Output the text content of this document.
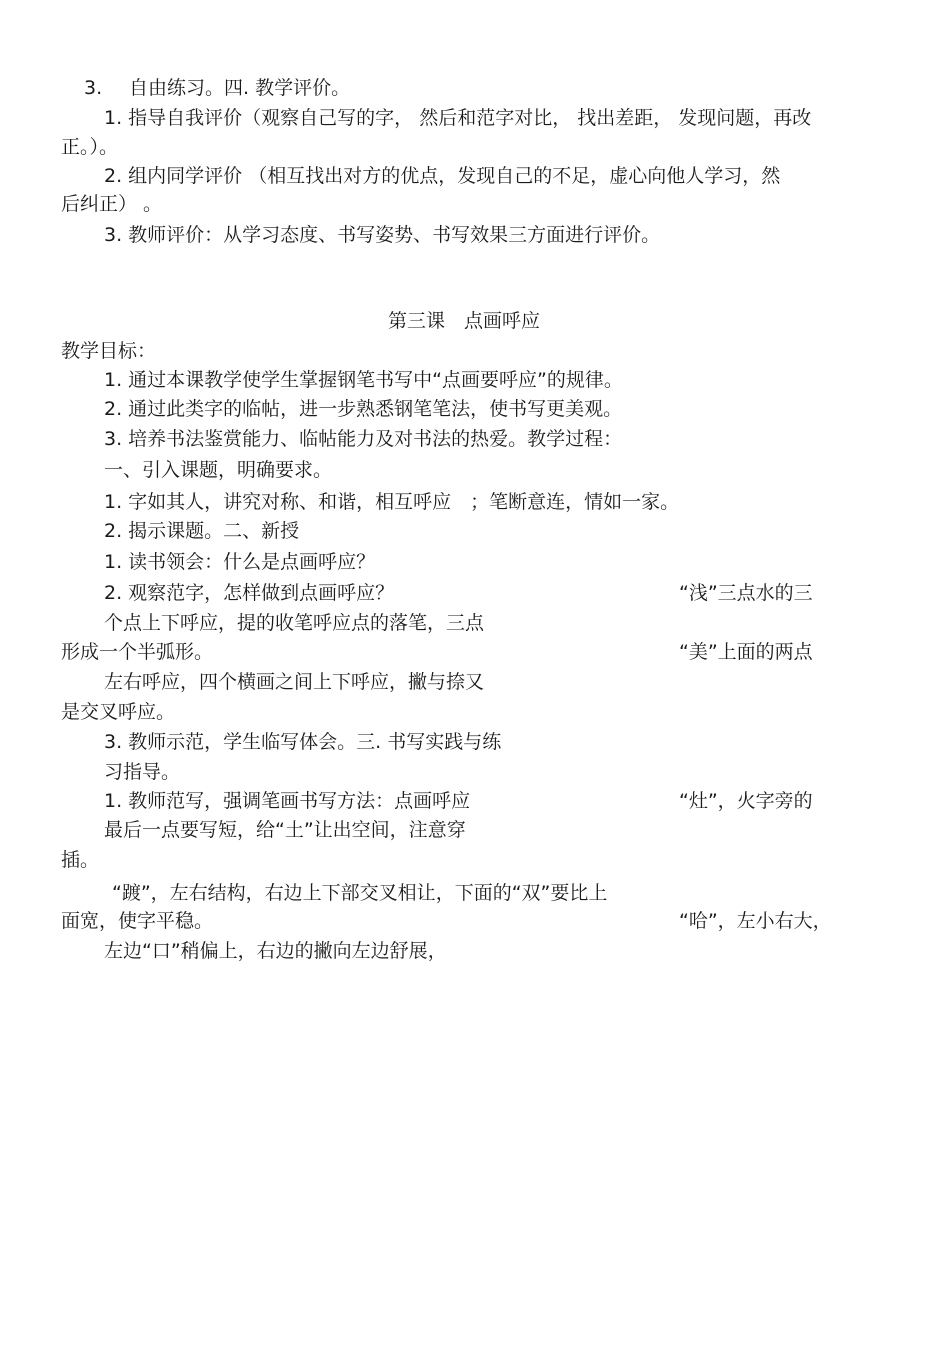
3. 自由练习。四. 教学评价。
1. 指导自我评价（观察自己写的字， 然后和范字对比， 找出差距， 发现问题，再改
正。）。
2. 组内同学评价 （相互找出对方的优点，发现自己的不足，虚心向他人学习，然
后纠正） 。
3. 教师评价：从学习态度、书写姿势、书写效果三方面进行评价。
第三课　点画呼应
教学目标：
1. 通过本课教学使学生掌握钢笔书写中“点画要呼应”的规律。
2. 通过此类字的临帖，进一步熟悉钢笔笔法，使书写更美观。
3. 培养书法鉴赏能力、临帖能力及对书法的热爱。教学过程：
一、引入课题，明确要求。
1. 字如其人，讲究对称、和谐，相互呼应　；笔断意连，情如一家。
2. 揭示课题。二、新授
1. 读书领会：什么是点画呼应？
2. 观察范字，怎样做到点画呼应？	“浅”三点水的三
个点上下呼应，提的收笔呼应点的落笔，三点
形成一个半弧形。	“美”上面的两点
左右呼应，四个横画之间上下呼应，撇与捺又
是交叉呼应。
3. 教师示范，学生临写体会。三. 书写实践与练
习指导。
1. 教师范写，强调笔画书写方法：点画呼应	“灶”，火字旁的
最后一点要写短，给“土”让出空间，注意穿
插。
“踱”，左右结构，右边上下部交叉相让，下面的“双”要比上
面宽，使字平稳。	“哈”，左小右大，
左边“口”稍偏上，右边的撇向左边舒展，
